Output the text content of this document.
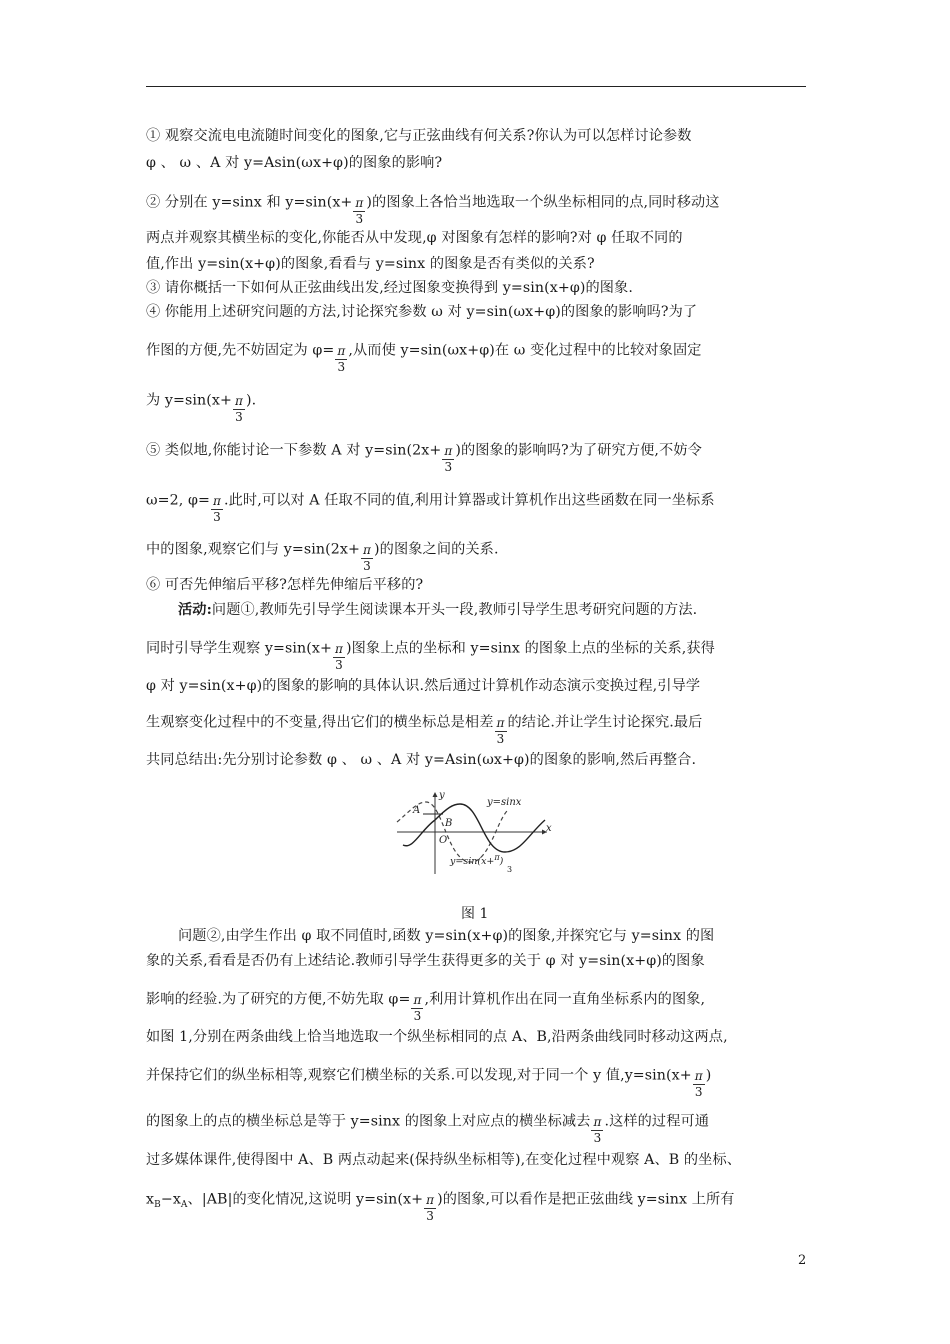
① 观察交流电电流随时间变化的图象,它与正弦曲线有何关系?你认为可以怎样讨论参数
φ 、 ω 、A 对 y=Asin(ωx+φ)的图象的影响?
② 分别在 y=sinx 和 $y=\sin(x+ \frac{\pi}{3}$ )的图象上各恰当地选取一个纵坐标相同的点,同时移动这
两点并观察其横坐标的变化,你能否从中发现,φ 对图象有怎样的影响?对 φ 任取不同的
值,作出 y=sin(x+φ)的图象,看看与 y=sinx 的图象是否有类似的关系?
③ 请你概括一下如何从正弦曲线出发,经过图象变换得到 y=sin(x+φ)的图象.
④ 你能用上述研究问题的方法,讨论探究参数 ω 对 y=sin(ωx+φ)的图象的影响吗?为了
作图的方便,先不妨固定为 $\varphi= \frac{\pi}{3}$ ,从而使 y=sin(ωx+φ)在 ω 变化过程中的比较对象固定
为 $y=\sin(x+ \frac{\pi}{3}$ ).
⑤ 类似地,你能讨论一下参数 A 对 $y=\sin(2x+ \frac{\pi}{3}$ )的图象的影响吗?为了研究方便,不妨令
ω=2, $\varphi= \frac{\pi}{3}$ .此时,可以对 A 任取不同的值,利用计算器或计算机作出这些函数在同一坐标系
中的图象,观察它们与 $y=\sin(2x+ \frac{\pi}{3}$ )的图象之间的关系.
⑥ 可否先伸缩后平移?怎样先伸缩后平移的?
活动:问题①,教师先引导学生阅读课本开头一段,教师引导学生思考研究问题的方法.
同时引导学生观察 $y=\sin(x+ \frac{\pi}{3}$ )图象上点的坐标和 y=sinx 的图象上点的坐标的关系,获得
φ 对 y=sin(x+φ)的图象的影响的具体认识.然后通过计算机作动态演示变换过程,引导学
生观察变化过程中的不变量,得出它们的横坐标总是相差 $\frac{\pi}{3}$ 的结论.并让学生讨论探究.最后
共同总结出:先分别讨论参数 φ 、 ω 、A 对 y=Asin(ωx+φ)的图象的影响,然后再整合.
y=sinx
y
x
O
A
B
y=sin(x+$^\pi$)
3
图 1
问题②,由学生作出 φ 取不同值时,函数 y=sin(x+φ)的图象,并探究它与 y=sinx 的图
象的关系,看看是否仍有上述结论.教师引导学生获得更多的关于 φ 对 y=sin(x+φ)的图象
影响的经验.为了研究的方便,不妨先取 $\varphi= \frac{\pi}{3}$ ,利用计算机作出在同一直角坐标系内的图象,
如图 1,分别在两条曲线上恰当地选取一个纵坐标相同的点 A、B,沿两条曲线同时移动这两点,
并保持它们的纵坐标相等,观察它们横坐标的关系.可以发现,对于同一个 y 值$,y=\sin(x+ \frac{\pi}{3}$ )
的图象上的点的横坐标总是等于 y=sinx 的图象上对应点的横坐标减去 $\frac{\pi}{3}$ .这样的过程可通
过多媒体课件,使得图中 A、B 两点动起来(保持纵坐标相等),在变化过程中观察 A、B 的坐标、
$x_B-x_A$、|AB|的变化情况,这说明 $y=\sin(x+ \frac{\pi}{3}$ )的图象,可以看作是把正弦曲线 y=sinx 上所有
2
